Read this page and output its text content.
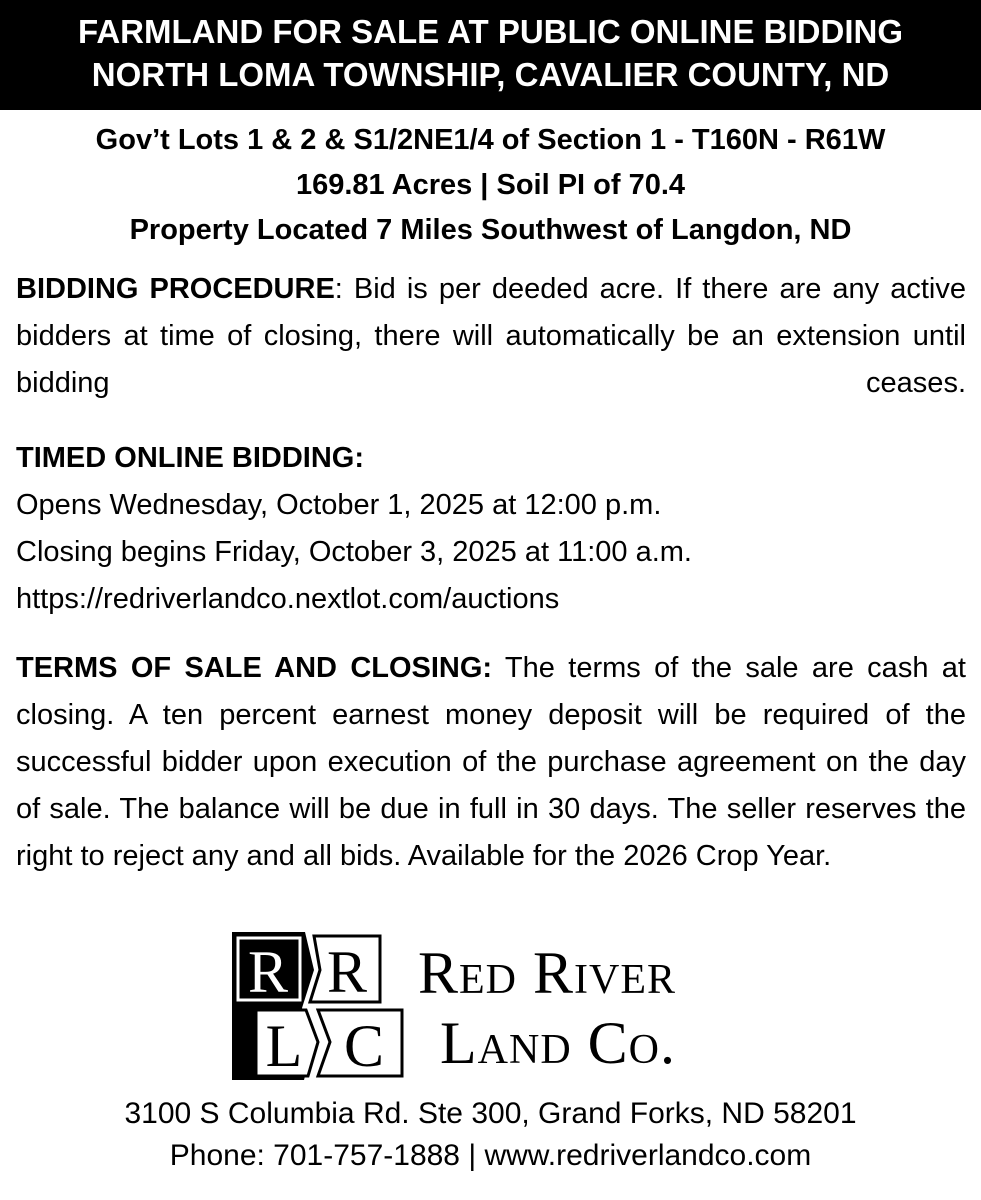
FARMLAND FOR SALE AT PUBLIC ONLINE BIDDING
NORTH LOMA TOWNSHIP, CAVALIER COUNTY, ND
Gov’t Lots 1 & 2 & S1/2NE1/4 of Section 1 - T160N - R61W
169.81 Acres | Soil PI of 70.4
Property Located 7 Miles Southwest of Langdon, ND
BIDDING PROCEDURE: Bid is per deeded acre. If there are any active bidders at time of closing, there will automatically be an extension until bidding ceases.
TIMED ONLINE BIDDING:
Opens Wednesday, October 1, 2025 at 12:00 p.m.
Closing begins Friday, October 3, 2025 at 11:00 a.m.
https://redriverlandco.nextlot.com/auctions
TERMS OF SALE AND CLOSING: The terms of the sale are cash at closing. A ten percent earnest money deposit will be required of the successful bidder upon execution of the purchase agreement on the day of sale. The balance will be due in full in 30 days. The seller reserves the right to reject any and all bids. Available for the 2026 Crop Year.
R R
L C
Red River
Land Co.
3100 S Columbia Rd. Ste 300, Grand Forks, ND 58201
Phone: 701-757-1888 | www.redriverlandco.com
